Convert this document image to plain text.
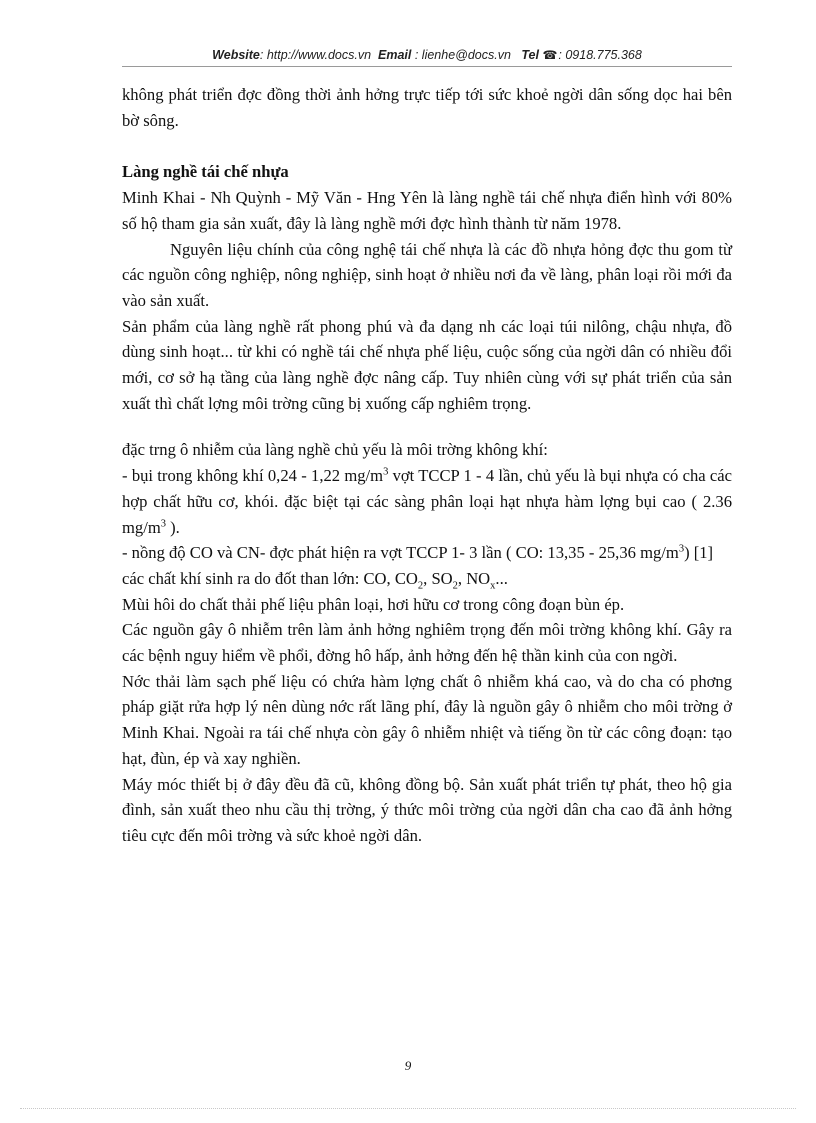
Website: http://www.docs.vn Email : lienhe@docs.vn Tel ☎: 0918.775.368

không phát triển đợc đồng thời ảnh hởng trực tiếp tới sức khoẻ ngời dân sống dọc hai bên bờ sông.

Làng nghề tái chế nhựa

Minh Khai - Nh Quỳnh - Mỹ Văn - Hng Yên là làng nghề tái chế nhựa điển hình với 80% số hộ tham gia sản xuất, đây là làng nghề mới đợc hình thành từ năm 1978.

Nguyên liệu chính của công nghệ tái chế nhựa là các đồ nhựa hỏng đợc thu gom từ các nguồn công nghiệp, nông nghiệp, sinh hoạt ở nhiều nơi đa về làng, phân loại rồi mới đa vào sản xuất.

Sản phẩm của làng nghề rất phong phú và đa dạng nh các loại túi nilông, chậu nhựa, đồ dùng sinh hoạt... từ khi có nghề tái chế nhựa phế liệu, cuộc sống của ngời dân có nhiều đổi mới, cơ sở hạ tầng của làng nghề đợc nâng cấp. Tuy nhiên cùng với sự phát triển của sản xuất thì chất lợng môi trờng cũng bị xuống cấp nghiêm trọng.

đặc trng ô nhiễm của làng nghề chủ yếu là môi trờng không khí:

- bụi trong không khí 0,24 - 1,22 $mg/m^3$ vợt TCCP 1 - 4 lần, chủ yếu là bụi nhựa có cha các hợp chất hữu cơ, khói. đặc biệt tại các sàng phân loại hạt nhựa hàm lợng bụi cao ( 2.36 $mg/m^3$ ).

- nồng độ CO và CN- đợc phát hiện ra vợt TCCP 1- 3 lần ( CO: 13,35 - 25,36 $mg/m^3$) [1]

các chất khí sinh ra do đốt than lớn: CO, $CO_2$, $SO_2$, $NO_x$...

Mùi hôi do chất thải phế liệu phân loại, hơi hữu cơ trong công đoạn bùn ép.

Các nguồn gây ô nhiễm trên làm ảnh hởng nghiêm trọng đến môi trờng không khí. Gây ra các bệnh nguy hiểm về phổi, đờng hô hấp, ảnh hởng đến hệ thần kinh của con ngời.

Nớc thải làm sạch phế liệu có chứa hàm lợng chất ô nhiễm khá cao, và do cha có phơng pháp giặt rửa hợp lý nên dùng nớc rất lãng phí, đây là nguồn gây ô nhiễm cho môi trờng ở Minh Khai. Ngoài ra tái chế nhựa còn gây ô nhiễm nhiệt và tiếng ồn từ các công đoạn: tạo hạt, đùn, ép và xay nghiền.

Máy móc thiết bị ở đây đều đã cũ, không đồng bộ. Sản xuất phát triển tự phát, theo hộ gia đình, sản xuất theo nhu cầu thị trờng, ý thức môi trờng của ngời dân cha cao đã ảnh hởng tiêu cực đến môi trờng và sức khoẻ ngời dân.

9
